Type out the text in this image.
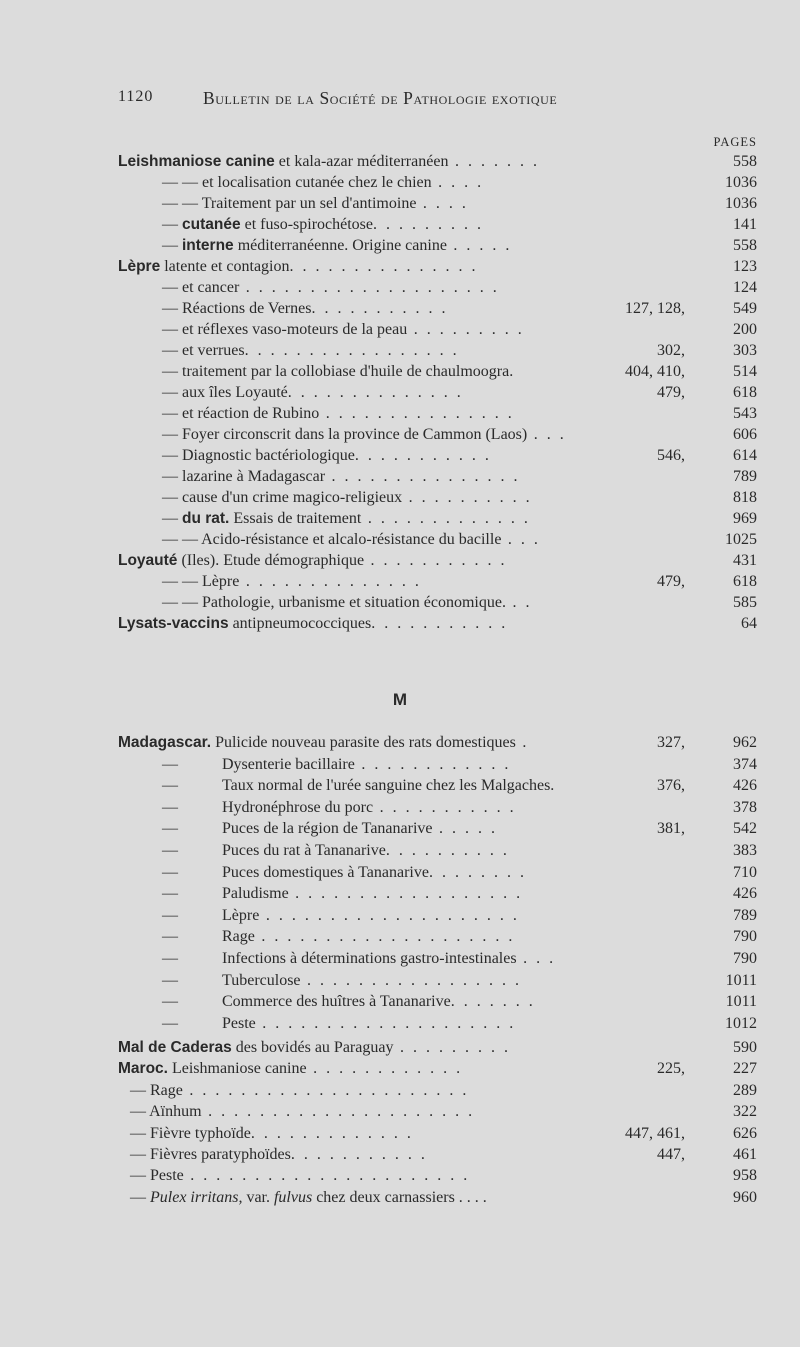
1120	Bulletin de la Société de Pathologie exotique
PAGES
M
Leishmaniose canine et kala-azar méditerranéen . . . . . . .	558
— — et localisation cutanée chez le chien . . . .	1036
— — Traitement par un sel d'antimoine . . . .	1036
— cutanée et fuso-spirochétose. . . . . . . . .	141
— interne méditerranéenne. Origine canine . . . . .	558
Lèpre latente et contagion. . . . . . . . . . . . . . .	123
— et cancer . . . . . . . . . . . . . . . . . . . .	124
— Réactions de Vernes. . . . . . . . . . .	127, 128,	549
— et réflexes vaso-moteurs de la peau . . . . . . . . .	200
— et verrues. . . . . . . . . . . . . . . . .	302,	303
— traitement par la collobiase d'huile de chaulmoogra.	404, 410,	514
— aux îles Loyauté. . . . . . . . . . . . . .	479,	618
— et réaction de Rubino . . . . . . . . . . . . . . .	543
— Foyer circonscrit dans la province de Cammon (Laos) . . .	606
— Diagnostic bactériologique. . . . . . . . . . .	546,	614
— lazarine à Madagascar . . . . . . . . . . . . . . .	789
— cause d'un crime magico-religieux . . . . . . . . . .	818
— du rat. Essais de traitement . . . . . . . . . . . . .	969
— — Acido-résistance et alcalo-résistance du bacille . . .	1025
Loyauté (Iles). Etude démographique . . . . . . . . . . .	431
— — Lèpre . . . . . . . . . . . . . .	479,	618
— — Pathologie, urbanisme et situation économique. . .	585
Lysats-vaccins antipneumococciques. . . . . . . . . . .	64
Madagascar. Pulicide nouveau parasite des rats domestiques .	327,	962
—	Dysenterie bacillaire . . . . . . . . . . . .	374
—	Taux normal de l'urée sanguine chez les Malgaches.	376,	426
—	Hydronéphrose du porc . . . . . . . . . . .	378
—	Puces de la région de Tananarive . . . . .	381,	542
—	Puces du rat à Tananarive. . . . . . . . . .	383
—	Puces domestiques à Tananarive. . . . . . . .	710
—	Paludisme . . . . . . . . . . . . . . . . . .	426
—	Lèpre . . . . . . . . . . . . . . . . . . . .	789
—	Rage . . . . . . . . . . . . . . . . . . . .	790
—	Infections à déterminations gastro-intestinales . . .	790
—	Tuberculose . . . . . . . . . . . . . . . . .	1011
—	Commerce des huîtres à Tananarive. . . . . . .	1011
—	Peste . . . . . . . . . . . . . . . . . . . .	1012
Mal de Caderas des bovidés au Paraguay . . . . . . . . .	590
Maroc. Leishmaniose canine . . . . . . . . . . . .	225,	227
— Rage . . . . . . . . . . . . . . . . . . . . . .	289
— Aïnhum . . . . . . . . . . . . . . . . . . . . .	322
— Fièvre typhoïde. . . . . . . . . . . . .	447, 461,	626
— Fièvres paratyphoïdes. . . . . . . . . . .	447,	461
— Peste . . . . . . . . . . . . . . . . . . . . . .	958
— Pulex irritans, var. fulvus chez deux carnassiers . . . .	960
